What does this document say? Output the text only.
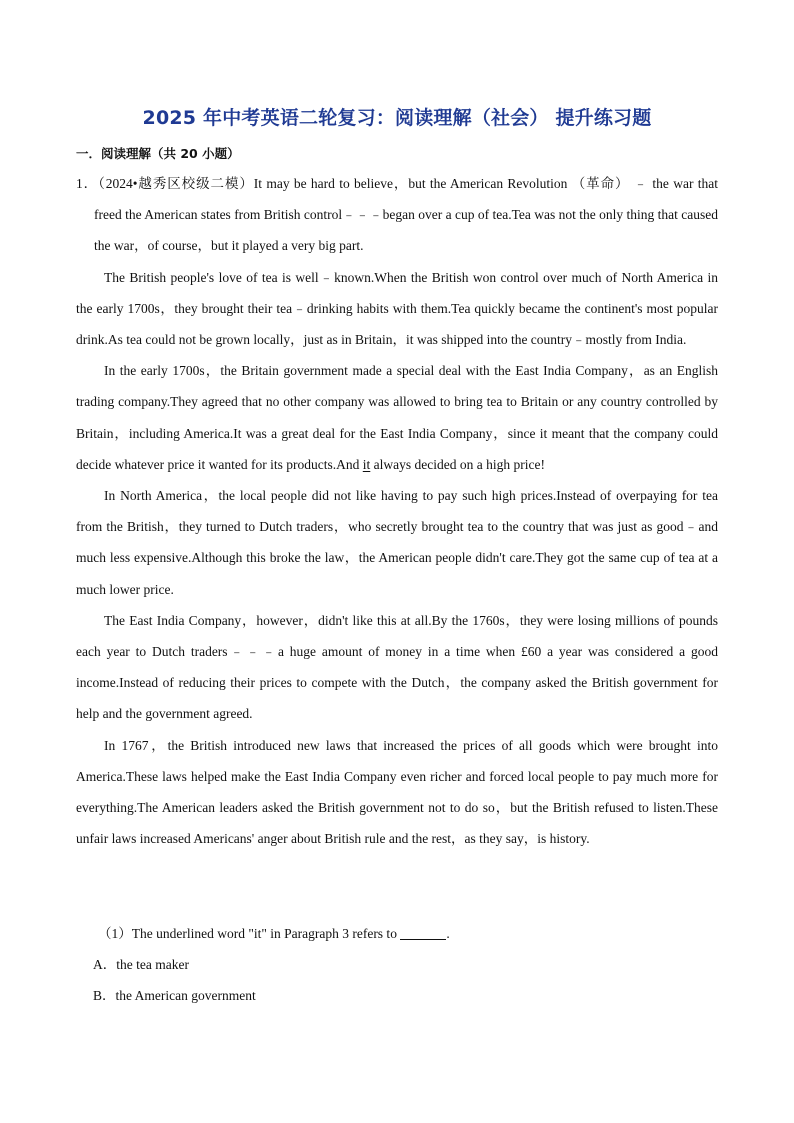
2025 年中考英语二轮复习：阅读理解（社会） 提升练习题
一．阅读理解（共 20 小题）

1．（2024•越秀区校级二模）It may be hard to believe，but the American Revolution （革命） ﹣ the war that freed the American states from British control﹣﹣﹣began over a cup of tea.Tea was not the only thing that caused the war，of course，but it played a very big part.

The British people's love of tea is well﹣known.When the British won control over much of North America in the early 1700s，they brought their tea﹣drinking habits with them.Tea quickly became the continent's most popular drink.As tea could not be grown locally，just as in Britain，it was shipped into the country﹣mostly from India.

In the early 1700s，the Britain government made a special deal with the East India Company，as an English trading company.They agreed that no other company was allowed to bring tea to Britain or any country controlled by Britain，including America.It was a great deal for the East India Company，since it meant that the company could decide whatever price it wanted for its products.And it always decided on a high price!

In North America，the local people did not like having to pay such high prices.Instead of overpaying for tea from the British，they turned to Dutch traders，who secretly brought tea to the country that was just as good﹣and much less expensive.Although this broke the law，the American people didn't care.They got the same cup of tea at a much lower price.

The East India Company，however，didn't like this at all.By the 1760s，they were losing millions of pounds each year to Dutch traders﹣﹣﹣a huge amount of money in a time when £60 a year was considered a good income.Instead of reducing their prices to compete with the Dutch，the company asked the British government for help and the government agreed.

In 1767，the British introduced new laws that increased the prices of all goods which were brought into America.These laws helped make the East India Company even richer and forced local people to pay much more for everything.The American leaders asked the British government not to do so，but the British refused to listen.These unfair laws increased Americans' anger about British rule and the rest，as they say，is history.

（1）The underlined word "it" in Paragraph 3 refers to	.
A．the tea maker
B．the American government
